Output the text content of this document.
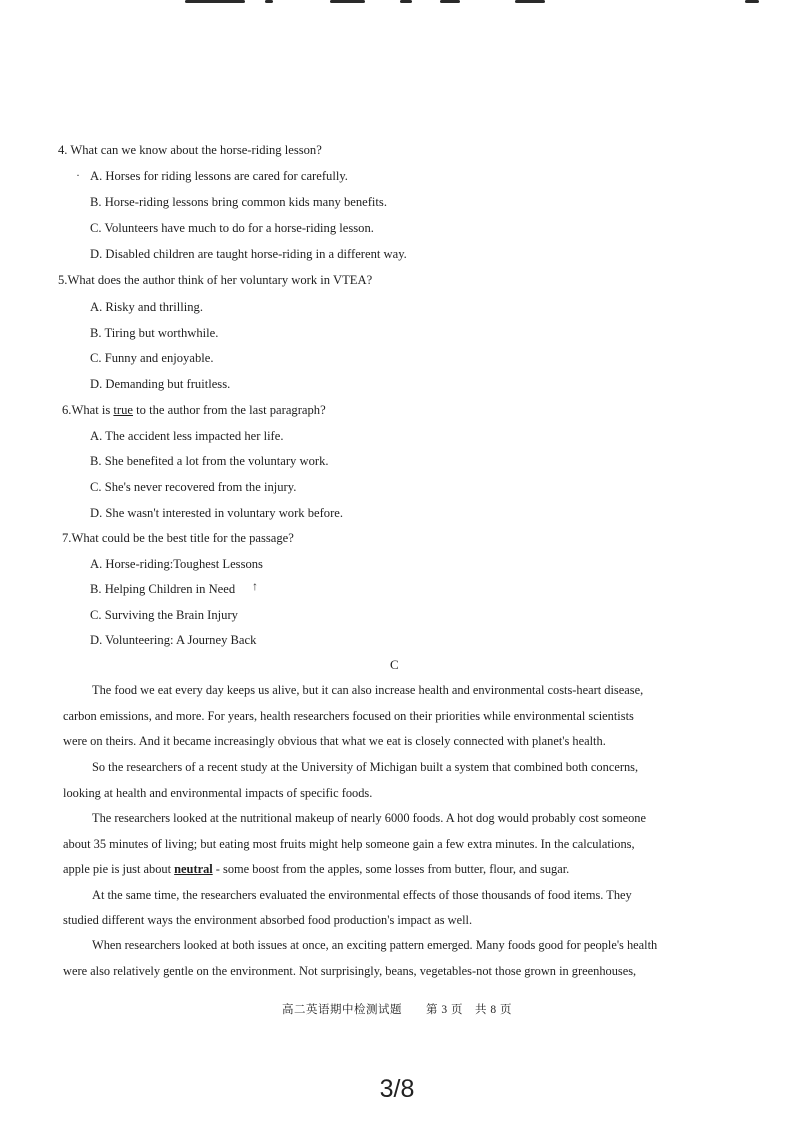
4. What can we know about the horse-riding lesson?
· A. Horses for riding lessons are cared for carefully.
B. Horse-riding lessons bring common kids many benefits.
C. Volunteers have much to do for a horse-riding lesson.
D. Disabled children are taught horse-riding in a different way.
5.What does the author think of her voluntary work in VTEA?
A. Risky and thrilling.
B. Tiring but worthwhile.
C. Funny and enjoyable.
D. Demanding but fruitless.
6.What is true to the author from the last paragraph?
A. The accident less impacted her life.
B. She benefited a lot from the voluntary work.
C. She's never recovered from the injury.
D. She wasn't interested in voluntary work before.
7.What could be the best title for the passage?
A. Horse-riding:Toughest Lessons
B. Helping Children in Need ↑
C. Surviving the Brain Injury
D. Volunteering: A Journey Back
C
The food we eat every day keeps us alive, but it can also increase health and environmental costs-heart disease,
carbon emissions, and more. For years, health researchers focused on their priorities while environmental scientists
were on theirs. And it became increasingly obvious that what we eat is closely connected with planet's health.
So the researchers of a recent study at the University of Michigan built a system that combined both concerns,
looking at health and environmental impacts of specific foods.
The researchers looked at the nutritional makeup of nearly 6000 foods. A hot dog would probably cost someone
about 35 minutes of living; but eating most fruits might help someone gain a few extra minutes. In the calculations,
apple pie is just about neutral - some boost from the apples, some losses from butter, flour, and sugar.
At the same time, the researchers evaluated the environmental effects of those thousands of food items. They
studied different ways the environment absorbed food production's impact as well.
When researchers looked at both issues at once, an exciting pattern emerged. Many foods good for people's health
were also relatively gentle on the environment. Not surprisingly, beans, vegetables-not those grown in greenhouses,
高二英语期中检测试题　　第 3 页　共 8 页
3/8
